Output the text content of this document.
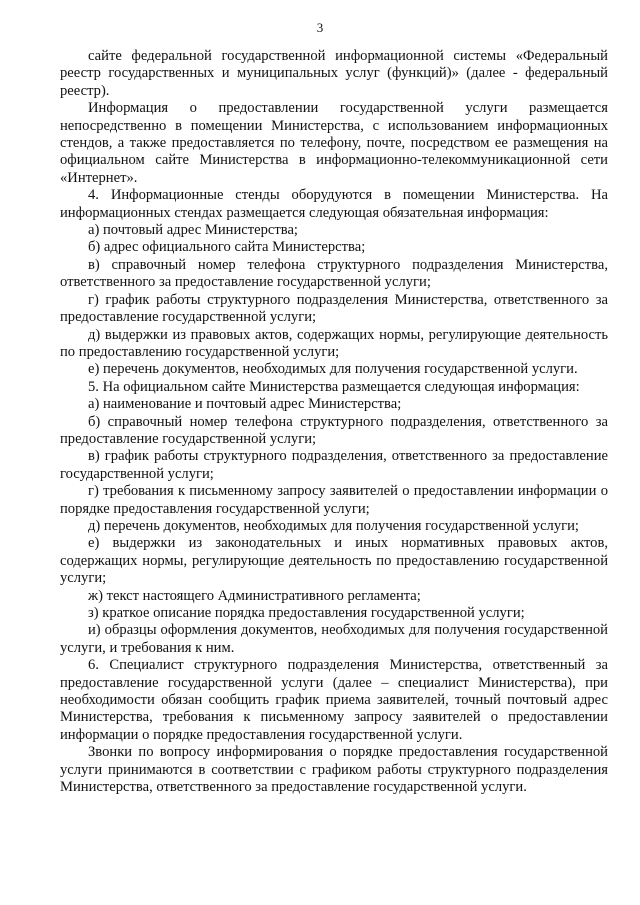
3

сайте федеральной государственной информационной системы «Федеральный реестр государственных и муниципальных услуг (функций)» (далее - федеральный реестр).

Информация о предоставлении государственной услуги размещается непосредственно в помещении Министерства, с использованием информационных стендов, а также предоставляется по телефону, почте, посредством ее размещения на официальном сайте Министерства в информационно-телекоммуникационной сети «Интернет».

4. Информационные стенды оборудуются в помещении Министерства. На информационных стендах размещается следующая обязательная информация:

а) почтовый адрес Министерства;

б) адрес официального сайта Министерства;

в) справочный номер телефона структурного подразделения Министерства, ответственного за предоставление государственной услуги;

г) график работы структурного подразделения Министерства, ответственного за предоставление государственной услуги;

д) выдержки из правовых актов, содержащих нормы, регулирующие деятельность по предоставлению государственной услуги;

е) перечень документов, необходимых для получения государственной услуги.

5. На официальном сайте Министерства размещается следующая информация:

а) наименование и почтовый адрес Министерства;

б) справочный номер телефона структурного подразделения, ответственного за предоставление государственной услуги;

в) график работы структурного подразделения, ответственного за предоставление государственной услуги;

г) требования к письменному запросу заявителей о предоставлении информации о порядке предоставления государственной услуги;

д) перечень документов, необходимых для получения государственной услуги;

е) выдержки из законодательных и иных нормативных правовых актов, содержащих нормы, регулирующие деятельность по предоставлению государственной услуги;

ж) текст настоящего Административного регламента;

з) краткое описание порядка предоставления государственной услуги;

и) образцы оформления документов, необходимых для получения государственной услуги, и требования к ним.

6. Специалист структурного подразделения Министерства, ответственный за предоставление государственной услуги (далее – специалист Министерства), при необходимости обязан сообщить график приема заявителей, точный почтовый адрес Министерства, требования к письменному запросу заявителей о предоставлении информации о порядке предоставления государственной услуги.

Звонки по вопросу информирования о порядке предоставления государственной услуги принимаются в соответствии с графиком работы структурного подразделения Министерства, ответственного за предоставление государственной услуги.
